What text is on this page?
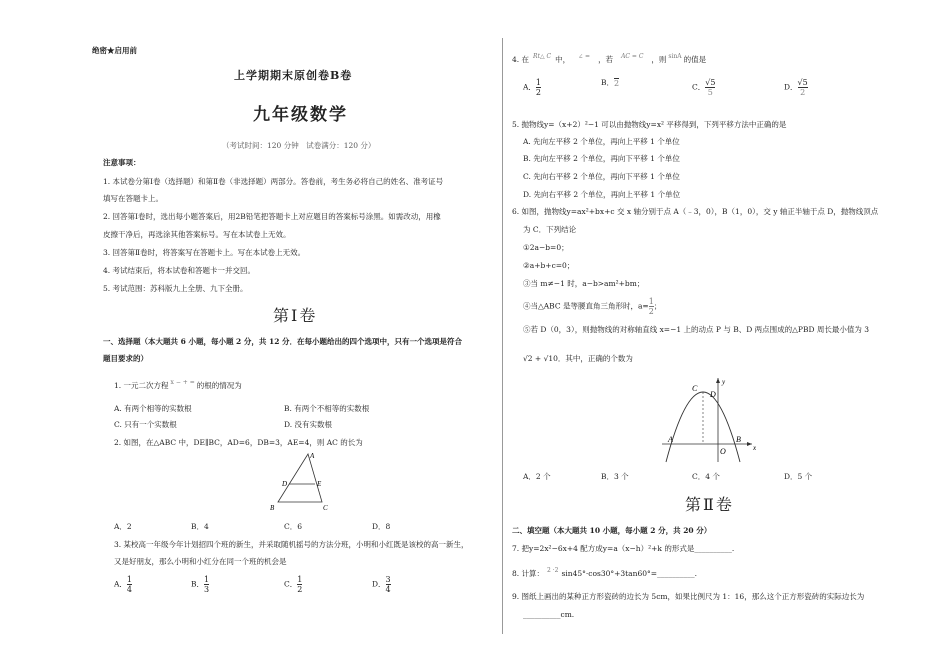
绝密★启用前
上学期期末原创卷B卷
九年级数学
（考试时间：120 分钟　试卷满分：120 分）
注意事项：
1. 本试卷分第Ⅰ卷（选择题）和第Ⅱ卷（非选择题）两部分。答卷前，考生务必将自己的姓名、准考证号
填写在答题卡上。
2. 回答第Ⅰ卷时，选出每小题答案后，用2B铅笔把答题卡上对应题目的答案标号涂黑。如需改动，用橡
皮擦干净后，再选涂其他答案标号。写在本试卷上无效。
3. 回答第Ⅱ卷时，将答案写在答题卡上。写在本试卷上无效。
4. 考试结束后，将本试卷和答题卡一并交回。
5. 考试范围：苏科版九上全册、九下全册。
第Ⅰ卷
一、选择题（本大题共 6 小题，每小题 2 分，共 12 分．在每小题给出的四个选项中，只有一个选项是符合
题目要求的）
1. 一元二次方程 $^{x - + =}$ 的根的情况为
A. 有两个相等的实数根	B. 有两个不相等的实数根
C. 只有一个实数根	D. 没有实数根
2. 如图，在△ABC 中，DE∥BC，AD=6，DB=3，AE=4，则 AC 的长为
A
D	E
B	C
A．2	B．4	C．6	D．8
3. 某校高一年级今年计划招四个班的新生，并采取随机摇号的方法分班，小明和小红既是该校的高一新生，
又是好朋友，那么小明和小红分在同一个班的机会是
A． $\frac{1}{4}$	B． $\frac{1}{3}$	C． $\frac{1}{2}$	D． $\frac{3}{4}$
4. 在 $^{Rt\triangle C}$ 中， ∠ = ，若 $^{AC = C}$ ，则 $^{sinA}$ 的值是
A． $\frac{1}{2}$	B． 2	C． $\frac{√5}{5}$	D． $\frac{√5}{2}$
5. 抛物线y=（x+2）²−1 可以由抛物线y=x² 平移得到，下列平移方法中正确的是
A. 先向左平移 2 个单位，再向上平移 1 个单位
B. 先向左平移 2 个单位，再向下平移 1 个单位
C. 先向右平移 2 个单位，再向下平移 1 个单位
D. 先向右平移 2 个单位，再向上平移 1 个单位
6. 如图，抛物线y=ax²+bx+c 交 x 轴分别于点 A（﹣3，0），B（1，0），交 y 轴正半轴于点 D，抛物线顶点
为 C．下列结论
①2a−b=0；
②a+b+c=0；
③当 m≠−1 时，a−b>am²+bm；
④当△ABC 是等腰直角三角形时，$a= \frac{1}{2}$ ；
⑤若 D（0，3），则抛物线的对称轴直线 x=−1 上的动点 P 与 B、D 两点围成的△PBD 周长最小值为 3
√2 + √10．其中，正确的个数为
C
D
y
A
O
B
x
A．2 个	B．3 个	C．4 个	D．5 个
第Ⅱ卷
二、填空题（本大题共 10 小题，每小题 2 分，共 20 分）
7. 把y=2x²−6x+4 配方成y=a（x−h）²+k 的形式是__________.
8. 计算： $^{2 \cdot 2}$ sin45°·cos30°+3tan60°=__________.
9. 图纸上画出的某种正方形瓷砖的边长为 5cm，如果比例尺为 1：16，那么这个正方形瓷砖的实际边长为
__________cm.
